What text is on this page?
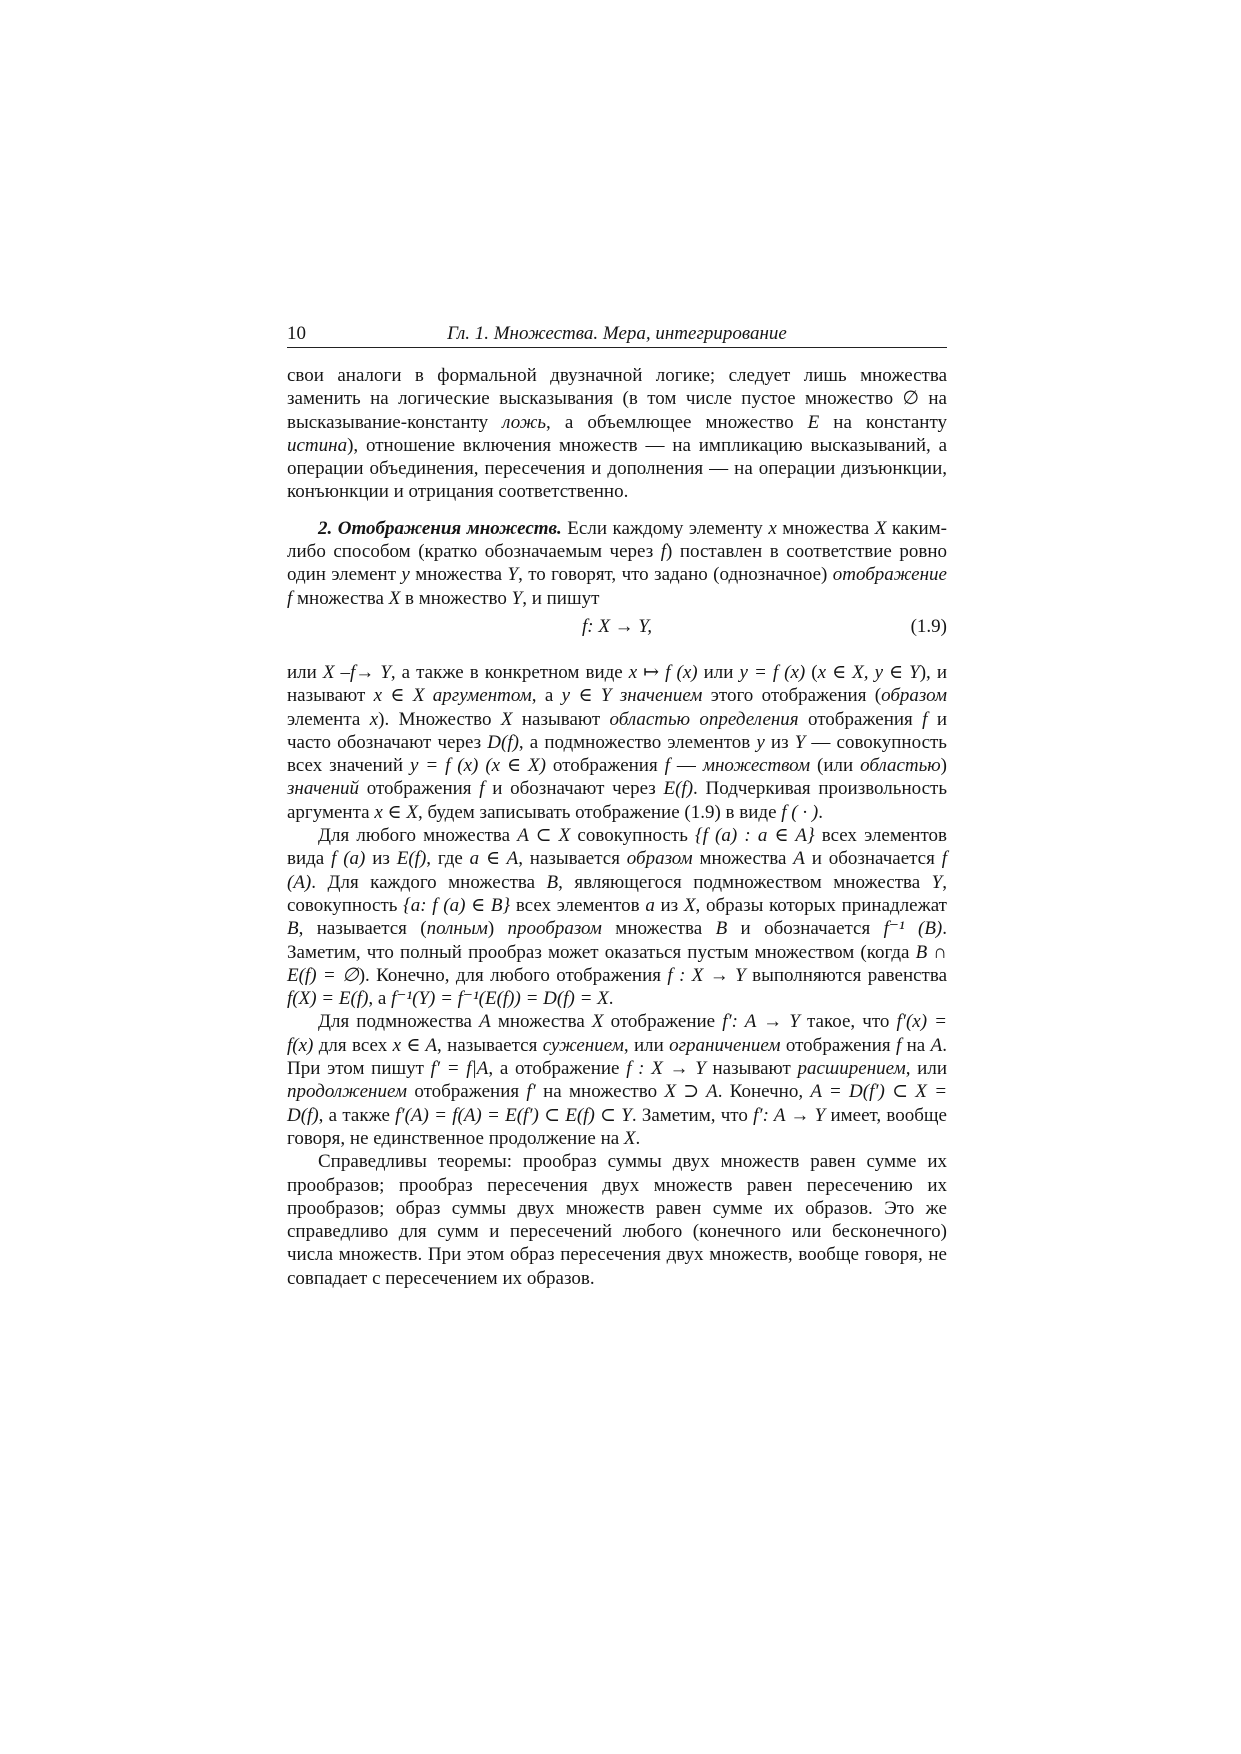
10	Гл. 1. Множества. Мера, интегрирование

свои аналоги в формальной двузначной логике; следует лишь множества заменить на логические высказывания (в том числе пустое множество ∅ на высказывание-константу ложь, а объемлющее множество E на константу истина), отношение включения множеств — на импликацию высказываний, а операции объединения, пересечения и дополнения — на операции дизъюнкции, конъюнкции и отрицания соответственно.

2. Отображения множеств. Если каждому элементу x множества X каким-либо способом (кратко обозначаемым через f) поставлен в соответствие ровно один элемент y множества Y, то говорят, что задано (однозначное) отображение f множества X в множество Y, и пишут

f: X → Y,	(1.9)

или X –f→ Y, а также в конкретном виде x ↦ f (x) или y = f (x) (x ∈ X, y ∈ Y), и называют x ∈ X аргументом, а y ∈ Y значением этого отображения (образом элемента x). Множество X называют областью определения отображения f и часто обозначают через D(f), а подмножество элементов y из Y — совокупность всех значений y = f (x) (x ∈ X) отображения f — множеством (или областью) значений отображения f и обозначают через E(f). Подчеркивая произвольность аргумента x ∈ X, будем записывать отображение (1.9) в виде f ( · ).

Для любого множества A ⊂ X совокупность {f (a) : a ∈ A} всех элементов вида f (a) из E(f), где a ∈ A, называется образом множества A и обозначается f (A). Для каждого множества B, являющегося подмножеством множества Y, совокупность {a: f (a) ∈ B} всех элементов a из X, образы которых принадлежат B, называется (полным) прообразом множества B и обозначается f⁻¹ (B). Заметим, что полный прообраз может оказаться пустым множеством (когда B ∩ E(f) = ∅). Конечно, для любого отображения f : X → Y выполняются равенства f(X) = E(f), а f⁻¹(Y) = f⁻¹(E(f)) = D(f) = X.

Для подмножества A множества X отображение f′: A → Y такое, что f′(x) = f(x) для всех x ∈ A, называется сужением, или ограничением отображения f на A. При этом пишут f′ = f|A, а отображение f : X → Y называют расширением, или продолжением отображения f′ на множество X ⊃ A. Конечно, A = D(f′) ⊂ X = D(f), а также f′(A) = f(A) = E(f′) ⊂ E(f) ⊂ Y. Заметим, что f′: A → Y имеет, вообще говоря, не единственное продолжение на X.

Справедливы теоремы: прообраз суммы двух множеств равен сумме их прообразов; прообраз пересечения двух множеств равен пересечению их прообразов; образ суммы двух множеств равен сумме их образов. Это же справедливо для сумм и пересечений любого (конечного или бесконечного) числа множеств. При этом образ пересечения двух множеств, вообще говоря, не совпадает с пересечением их образов.
